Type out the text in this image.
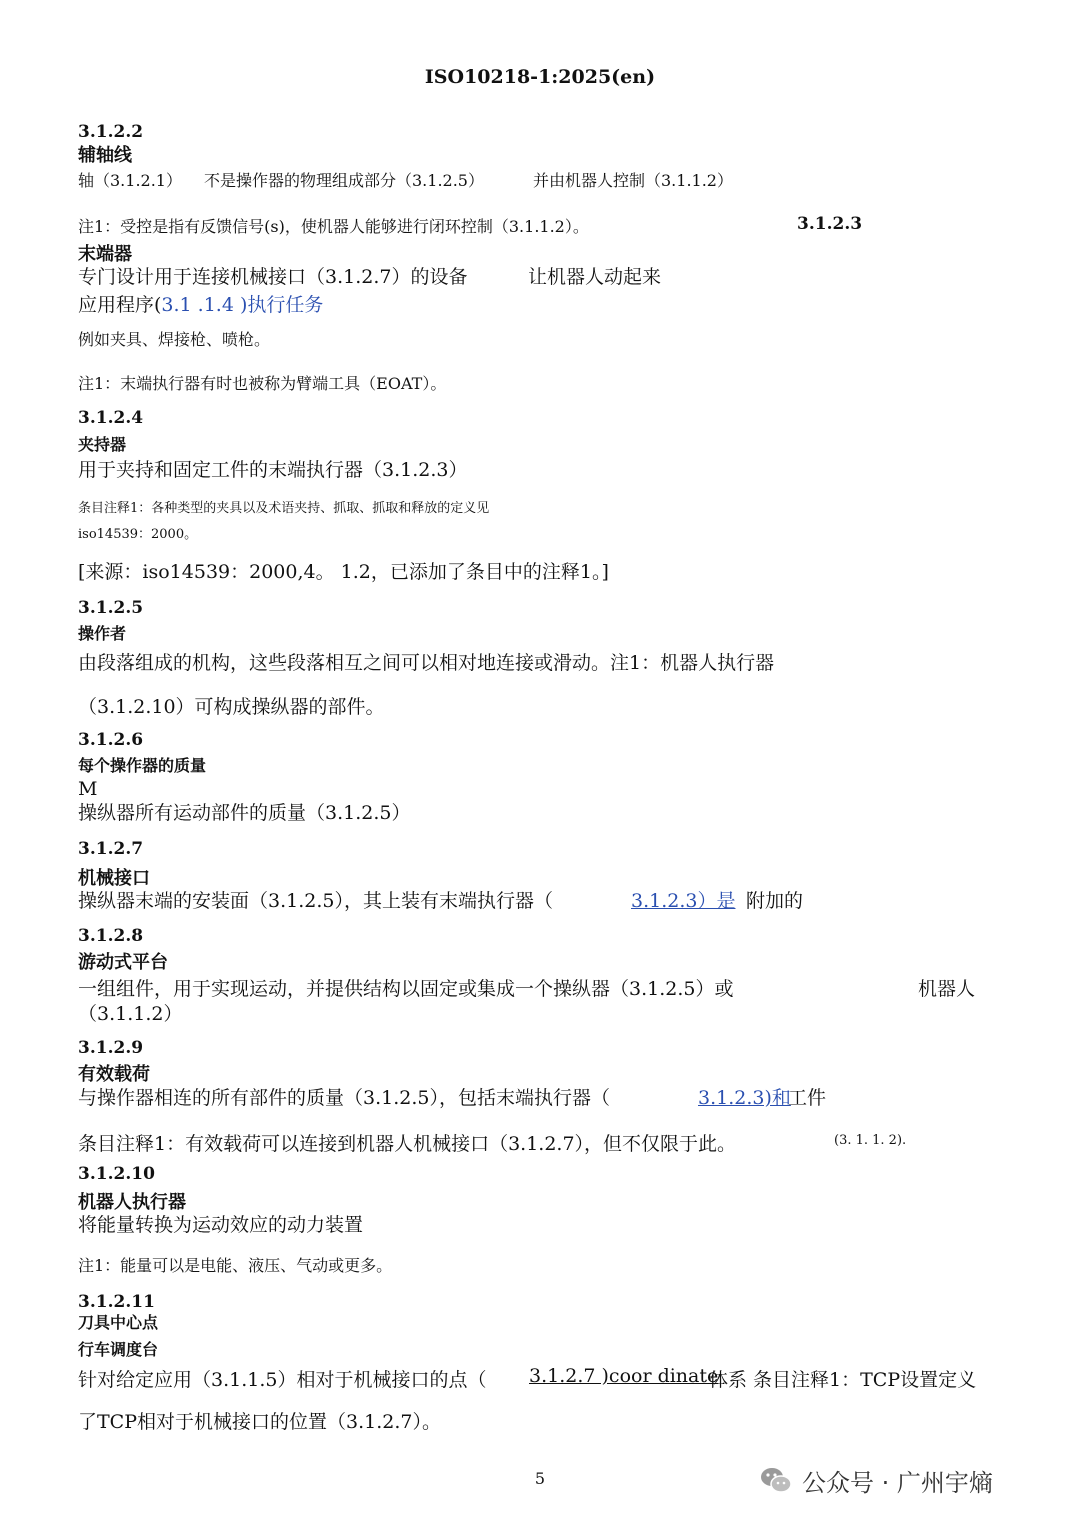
ISO10218-1:2025(en)
3.1.2.2
辅轴线
轴（3.1.2.1） 不是操作器的物理组成部分（3.1.2.5）	并由机器人控制（3.1.1.2）
注1：受控是指有反馈信号(s)，使机器人能够进行闭环控制（3.1.1.2）。	3.1.2.3
末端器
专门设计用于连接机械接口（3.1.2.7）的设备	让机器人动起来
应用程序(3.1 .1.4 )执行任务
例如夹具、焊接枪、喷枪。
注1：末端执行器有时也被称为臂端工具（EOAT）。
3.1.2.4
夹持器
用于夹持和固定工件的末端执行器（3.1.2.3）
条目注释1：各种类型的夹具以及术语夹持、抓取、抓取和释放的定义见
iso14539：2000。
[来源：iso14539：2000,4。 1.2，已添加了条目中的注释1。]
3.1.2.5
操作者
由段落组成的机构，这些段落相互之间可以相对地连接或滑动。注1：机器人执行器
（3.1.2.10）可构成操纵器的部件。
3.1.2.6
每个操作器的质量
M
操纵器所有运动部件的质量（3.1.2.5）
3.1.2.7
机械接口
操纵器末端的安装面（3.1.2.5），其上装有末端执行器（	3.1.2.3）是 附加的
3.1.2.8
游动式平台
一组组件，用于实现运动，并提供结构以固定或集成一个操纵器（3.1.2.5）或	机器人
（3.1.1.2）
3.1.2.9
有效载荷
与操作器相连的所有部件的质量（3.1.2.5），包括末端执行器（	3.1.2.3)和
工件
条目注释1：有效载荷可以连接到机器人机械接口（3.1.2.7），但不仅限于此。	(3. 1. 1. 2).
3.1.2.10
机器人执行器
将能量转换为运动效应的动力装置
注1：能量可以是电能、液压、气动或更多。
3.1.2.11
刀具中心点
行车调度台
针对给定应用（3.1.1.5）相对于机械接口的点（ 3.1.2.7 )coor dinate
体系 条目注释1：TCP设置定义
了TCP相对于机械接口的位置（3.1.2.7）。
5	公众号 · 广州宇熵
